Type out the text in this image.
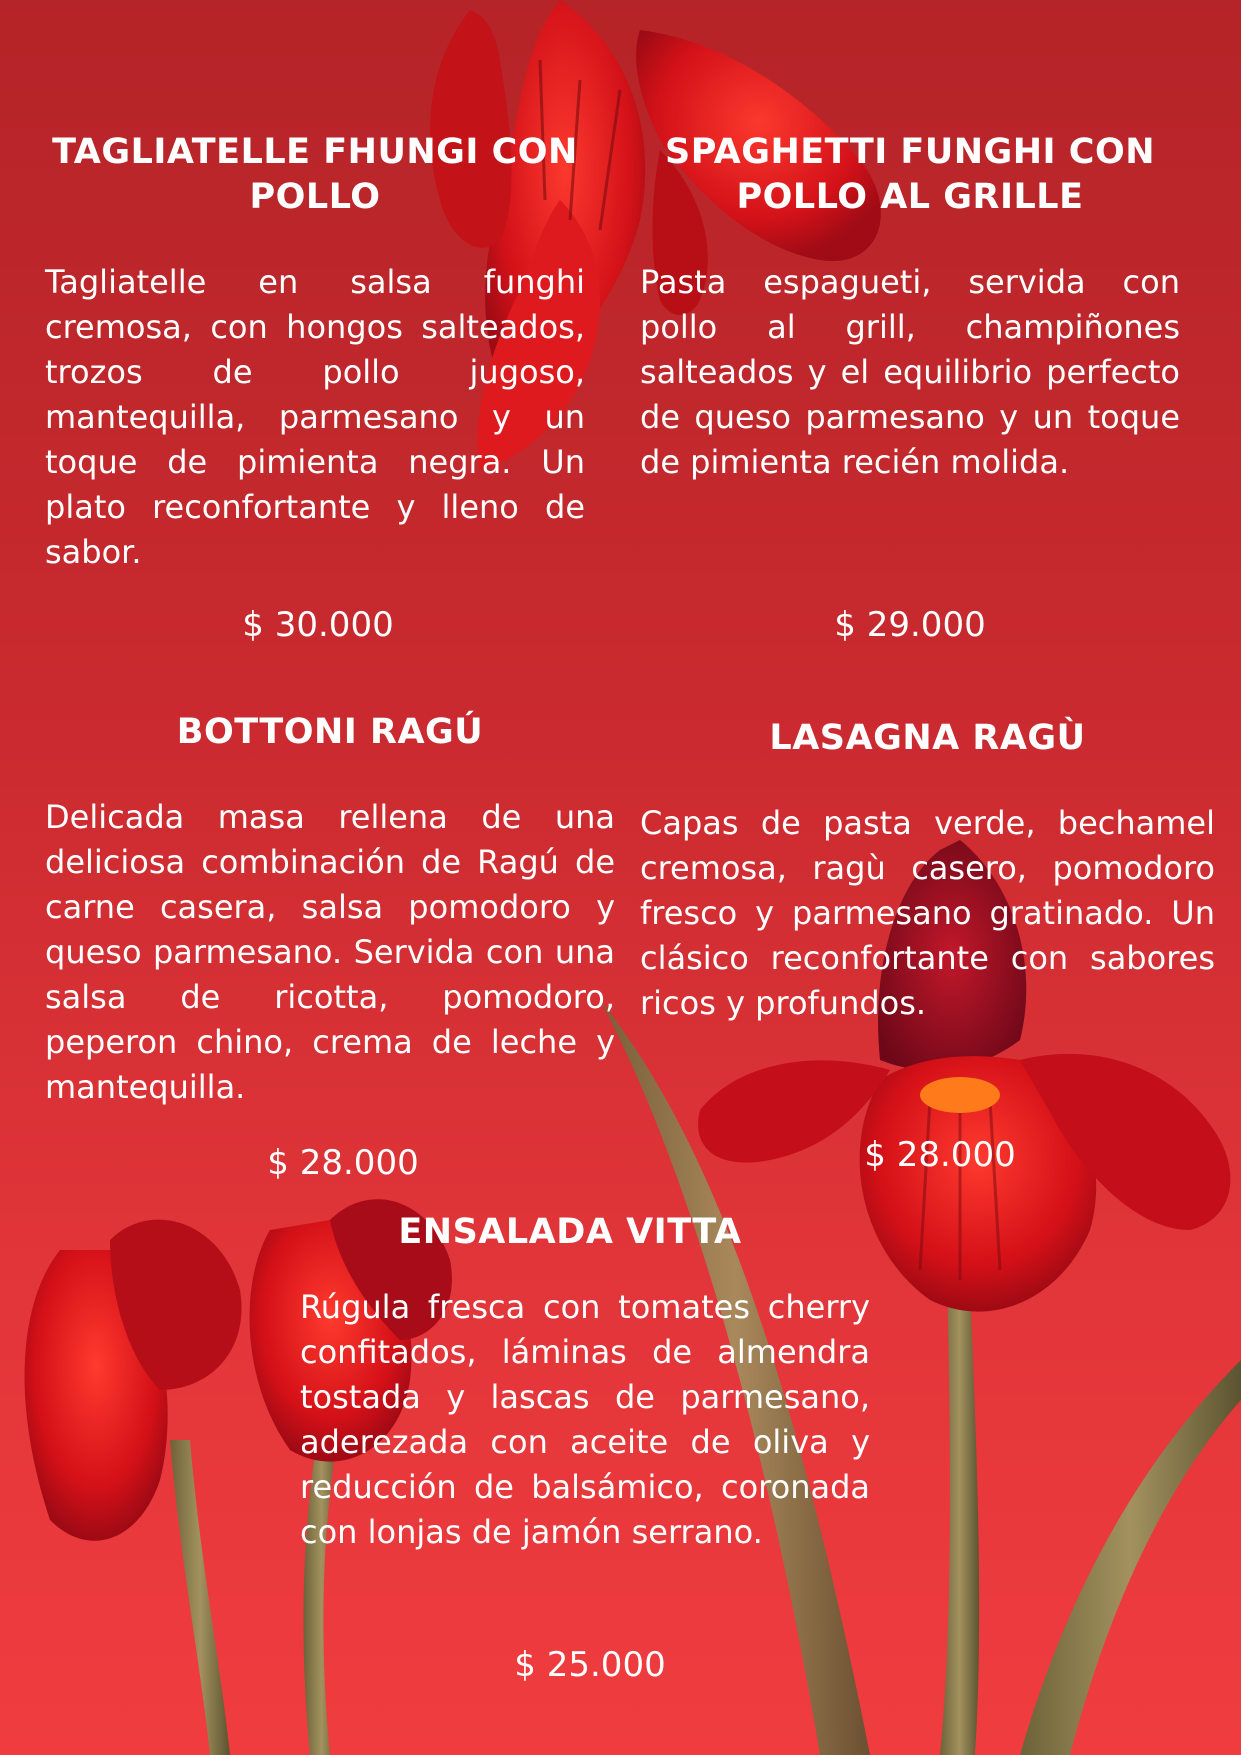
TAGLIATELLE FHUNGI CON POLLO

Tagliatelle en salsa funghi cremosa, con hongos salteados, trozos de pollo jugoso, mantequilla, parmesano y un toque de pimienta negra. Un plato reconfortante y lleno de sabor.

$ 30.000
SPAGHETTI FUNGHI CON POLLO AL GRILLE

Pasta espagueti, servida con pollo al grill, champiñones salteados y el equilibrio perfecto de queso parmesano y un toque de pimienta recién molida.

$ 29.000
BOTTONI RAGÚ

Delicada masa rellena de una deliciosa combinación de Ragú de carne casera, salsa pomodoro y queso parmesano. Servida con una salsa de ricotta, pomodoro, peperon chino, crema de leche y mantequilla.

$ 28.000
LASAGNA RAGÙ

Capas de pasta verde, bechamel cremosa, ragù casero, pomodoro fresco y parmesano gratinado. Un clásico reconfortante con sabores ricos y profundos.

$ 28.000
ENSALADA VITTA

Rúgula fresca con tomates cherry confitados, láminas de almendra tostada y lascas de parmesano, aderezada con aceite de oliva y reducción de balsámico, coronada con lonjas de jamón serrano.

$ 25.000
